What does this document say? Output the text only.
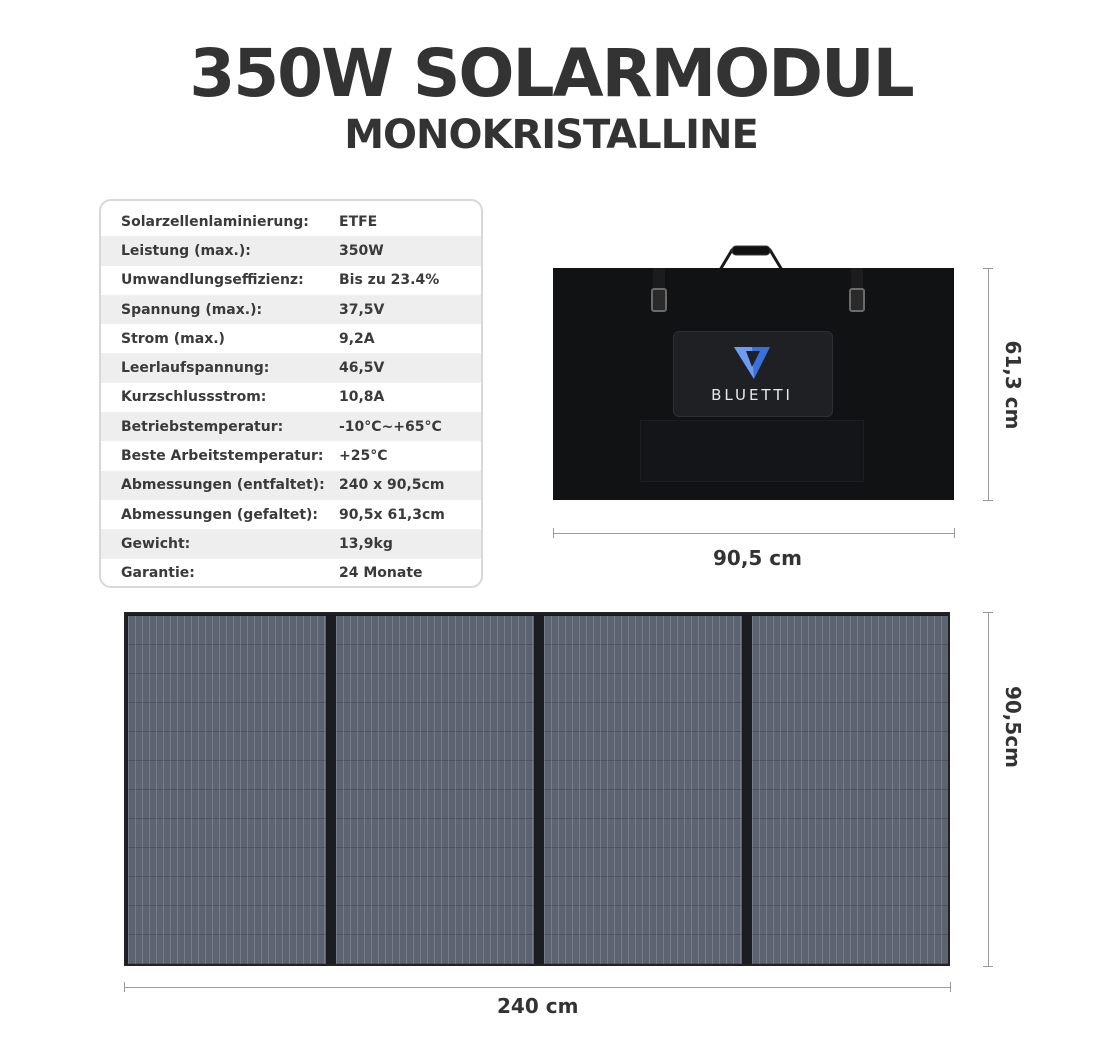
350W SOLARMODUL
MONOKRISTALLINE
Solarzellenlaminierung:	ETFE
Leistung (max.):	350W
Umwandlungseffizienz:	Bis zu 23.4%
Spannung (max.):	37,5V
Strom (max.)	9,2A
Leerlaufspannung:	46,5V
Kurzschlussstrom:	10,8A
Betriebstemperatur:	-10°C~+65°C
Beste Arbeitstemperatur:	+25°C
Abmessungen (entfaltet):	240 x 90,5cm
Abmessungen (gefaltet):	90,5x 61,3cm
Gewicht:	13,9kg
Garantie:	24 Monate
BLUETTI
90,5 cm
61,3 cm
240 cm
90,5cm
